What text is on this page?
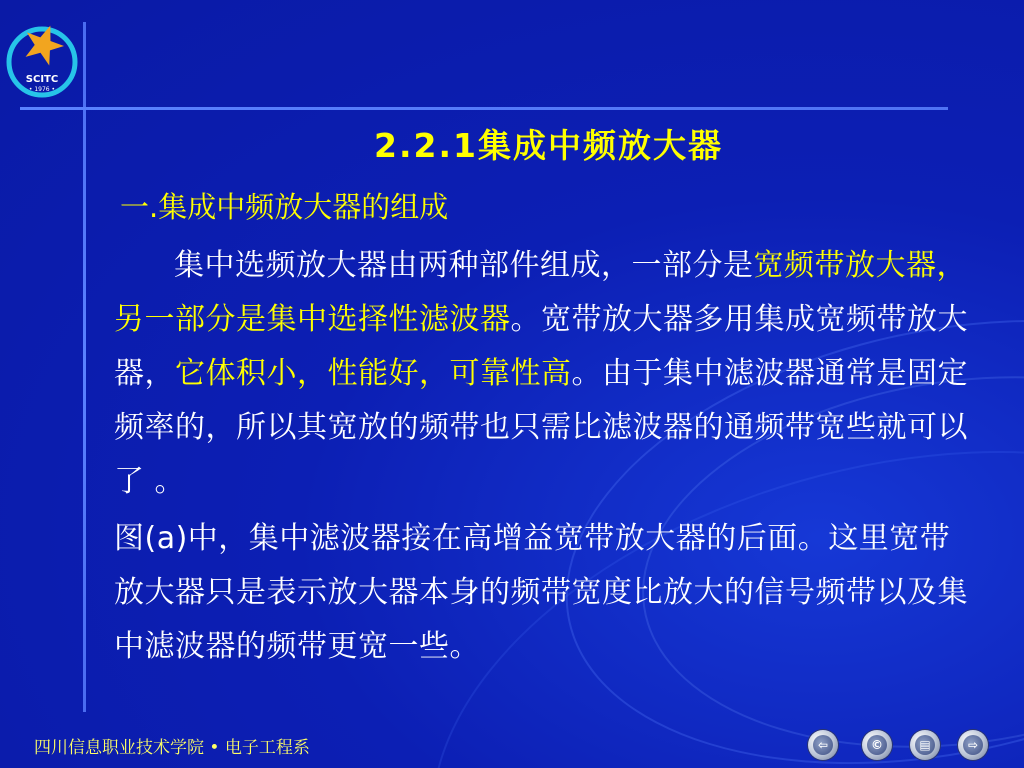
SCITC
• 1976 •
2.2.1集成中频放大器
一.集成中频放大器的组成
集中选频放大器由两种部件组成，一部分是宽频带放大器，另一部分是集中选择性滤波器。宽带放大器多用集成宽频带放大器，它体积小，性能好，可靠性高。由于集中滤波器通常是固定频率的，所以其宽放的频带也只需比滤波器的通频带宽些就可以了 。
图(a)中，集中滤波器接在高增益宽带放大器的后面。这里宽带放大器只是表示放大器本身的频带宽度比放大的信号频带以及集中滤波器的频带更宽一些。
四川信息职业技术学院 • 电子工程系	⇦	©	▤	⇨
